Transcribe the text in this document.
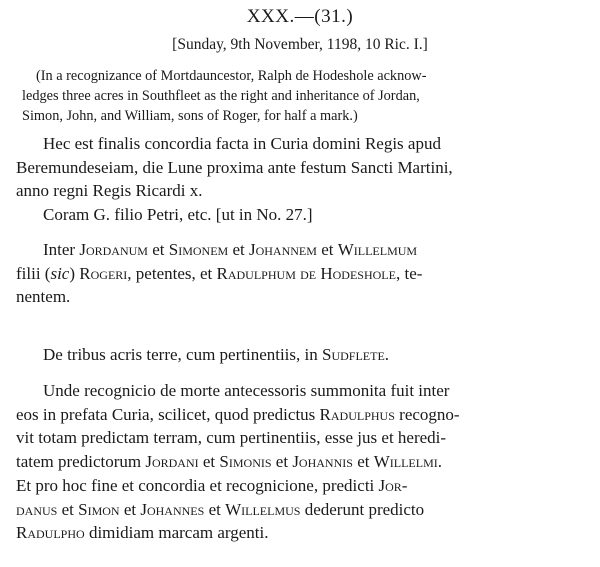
XXX.—(31.)
[Sunday, 9th November, 1198, 10 Ric. I.]
(In a recognizance of Mortdauncestor, Ralph de Hodeshole acknow-
ledges three acres in Southfleet as the right and inheritance of Jordan,
Simon, John, and William, sons of Roger, for half a mark.)
Hec est finalis concordia facta in Curia domini Regis apud
Beremundeseiam, die Lune proxima ante festum Sancti Martini,
anno regni Regis Ricardi x.
Coram G. filio Petri, etc. [ut in No. 27.]
Inter Jordanum et Simonem et Johannem et Willelmum
filii (sic) Rogeri, petentes, et Radulphum de Hodeshole, te-
nentem.
De tribus acris terre, cum pertinentiis, in Sudflete.
Unde recognicio de morte antecessoris summonita fuit inter
eos in prefata Curia, scilicet, quod predictus Radulphus recogno-
vit totam predictam terram, cum pertinentiis, esse jus et heredi-
tatem predictorum Jordani et Simonis et Johannis et Willelmi.
Et pro hoc fine et concordia et recognicione, predicti Jor-
danus et Simon et Johannes et Willelmus dederunt predicto
Radulpho dimidiam marcam argenti.
